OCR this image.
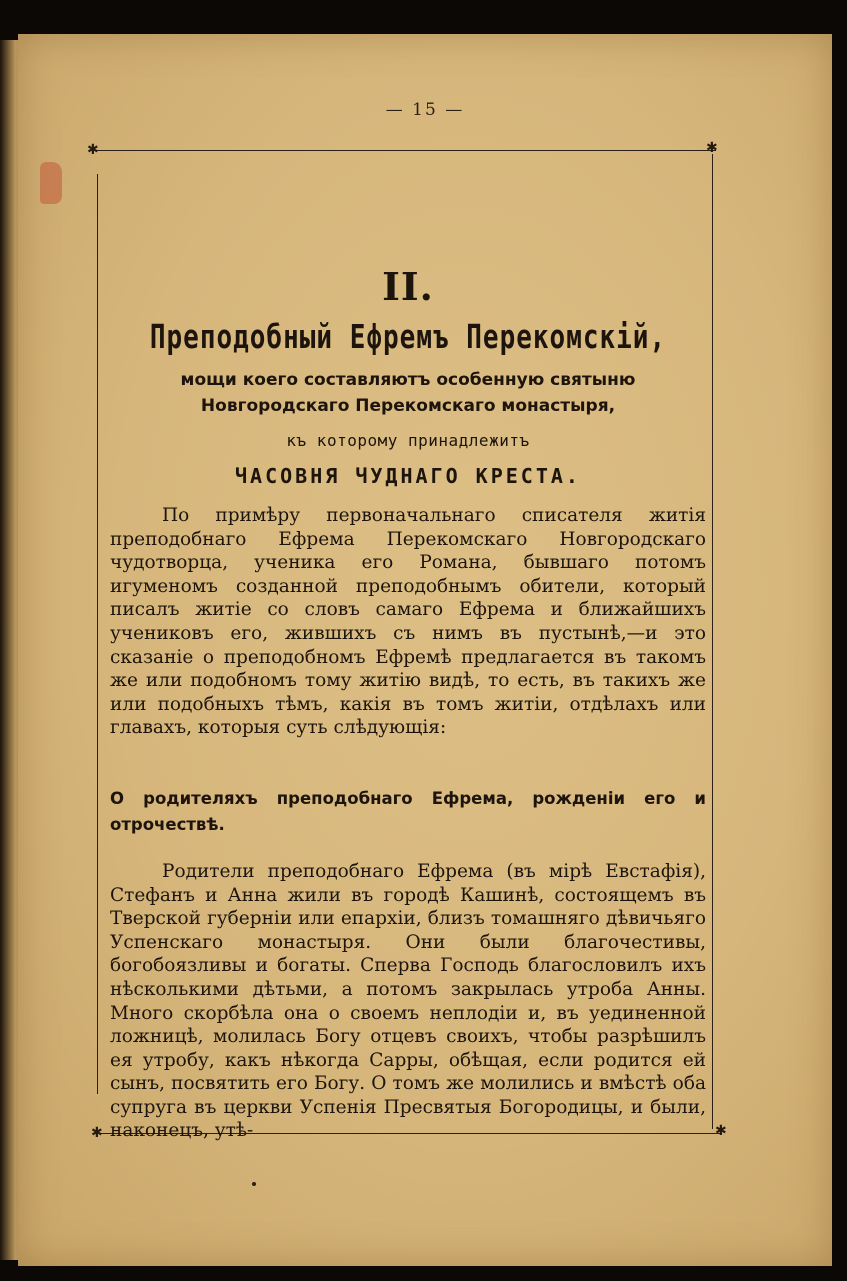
— 15 —
✱	✱
✱	✱
II.
Преподобный Ефремъ Перекомскій,
мощи коего составляютъ особенную святыню Новгородскаго Перекомскаго монастыря,
къ которому принадлежитъ
ЧАСОВНЯ ЧУДНАГО КРЕСТА.

По примѣру первоначальнаго списателя житія преподобнаго Ефрема Перекомскаго Новгородскаго чудотворца, ученика его Романа, бывшаго потомъ игуменомъ созданной преподобнымъ обители, который писалъ житіе со словъ самаго Ефрема и ближайшихъ учениковъ его, жившихъ съ нимъ въ пустынѣ,—и это сказаніе о преподобномъ Ефремѣ предлагается въ такомъ же или подобномъ тому житію видѣ, то есть, въ такихъ же или подобныхъ тѣмъ, какія въ томъ житіи, отдѣлахъ или главахъ, которыя суть слѣдующія:

О родителяхъ преподобнаго Ефрема, рожденіи его и отрочествѣ.

Родители преподобнаго Ефрема (въ мірѣ Евстафія), Стефанъ и Анна жили въ городѣ Кашинѣ, состоящемъ въ Тверской губерніи или епархіи, близъ томашняго дѣвичьяго Успенскаго монастыря. Они были благочестивы, богобоязливы и богаты. Сперва Господь благословилъ ихъ нѣсколькими дѣтьми, а потомъ закрылась утроба Анны. Много скорбѣла она о своемъ неплодіи и, въ уединенной ложницѣ, молилась Богу отцевъ своихъ, чтобы разрѣшилъ ея утробу, какъ нѣкогда Сарры, обѣщая, если родится ей сынъ, посвятить его Богу. О томъ же молились и вмѣстѣ оба супруга въ церкви Успенія Пресвятыя Богородицы, и были, наконецъ, утѣ-
